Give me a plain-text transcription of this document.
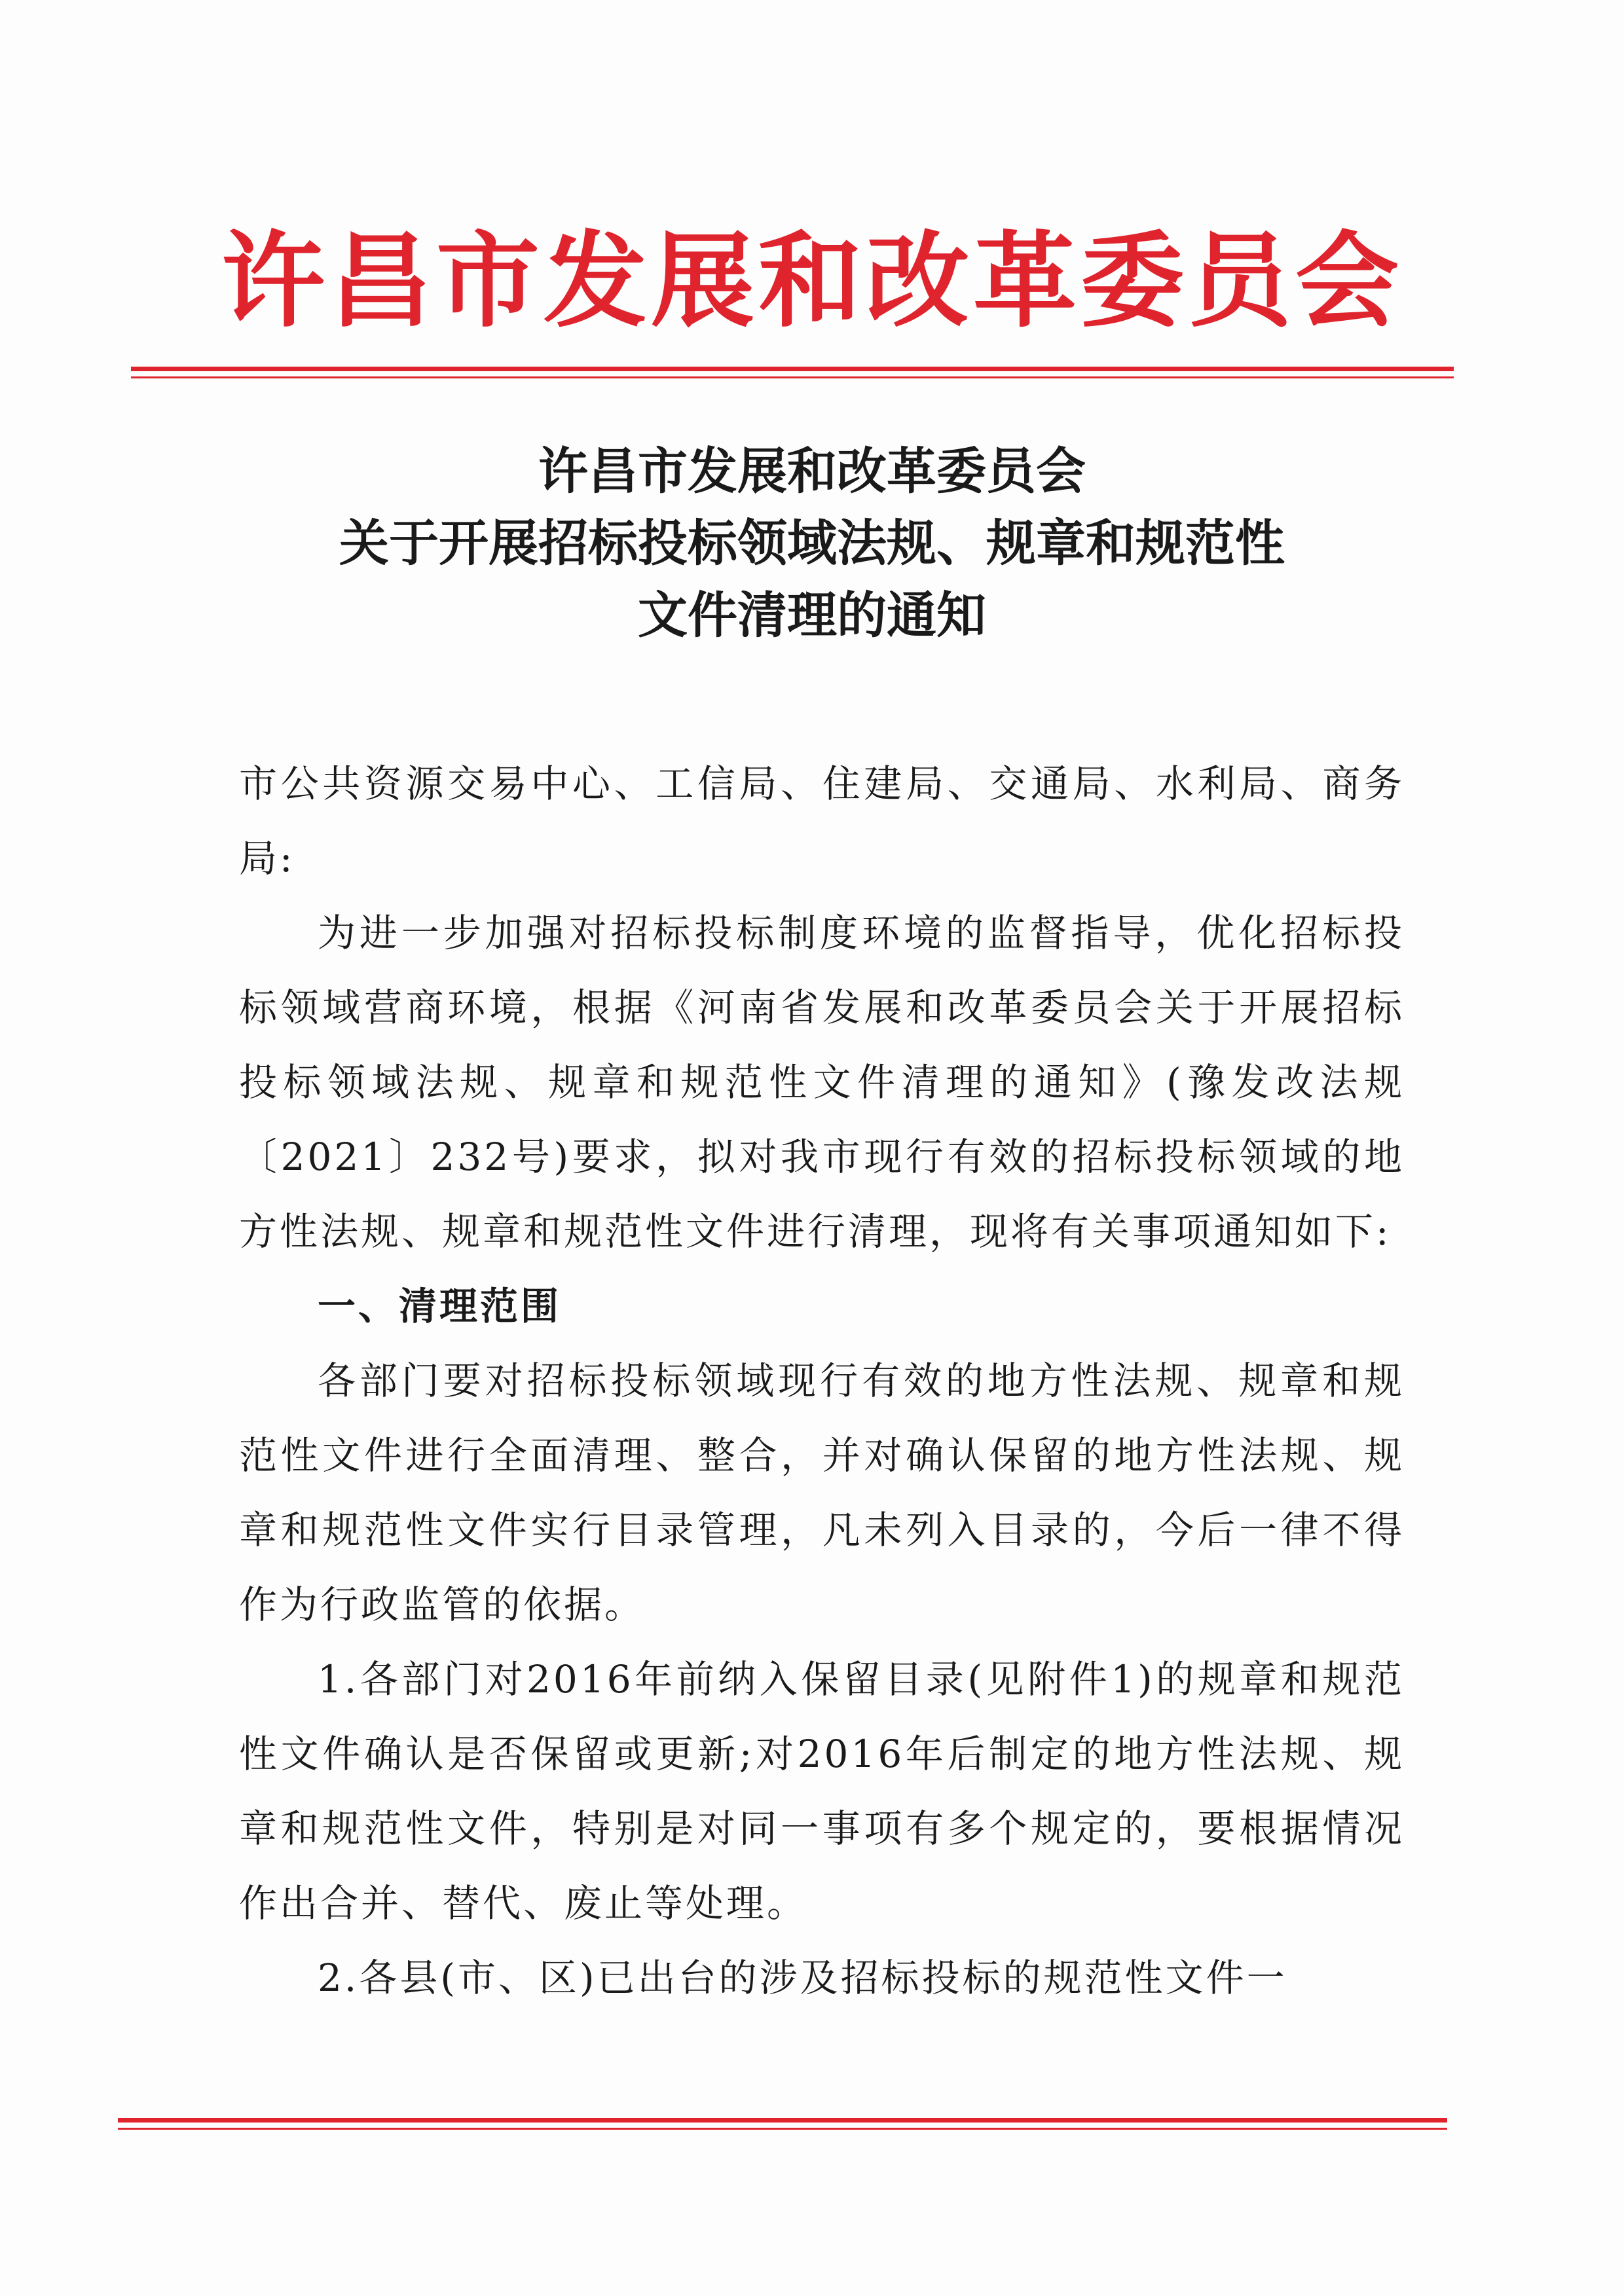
许昌市发展和改革委员会
许昌市发展和改革委员会
关于开展招标投标领域法规、规章和规范性
文件清理的通知

市公共资源交易中心、工信局、住建局、交通局、水利局、商务局:

为进一步加强对招标投标制度环境的监督指导，优化招标投标领域营商环境，根据《河南省发展和改革委员会关于开展招标投标领域法规、规章和规范性文件清理的通知》(豫发改法规〔2021〕232号)要求，拟对我市现行有效的招标投标领域的地方性法规、规章和规范性文件进行清理，现将有关事项通知如下:

一、清理范围

各部门要对招标投标领域现行有效的地方性法规、规章和规范性文件进行全面清理、整合，并对确认保留的地方性法规、规章和规范性文件实行目录管理，凡未列入目录的，今后一律不得作为行政监管的依据。

1.各部门对2016年前纳入保留目录(见附件1)的规章和规范性文件确认是否保留或更新;对2016年后制定的地方性法规、规章和规范性文件，特别是对同一事项有多个规定的，要根据情况作出合并、替代、废止等处理。

2.各县(市、区)已出台的涉及招标投标的规范性文件一
